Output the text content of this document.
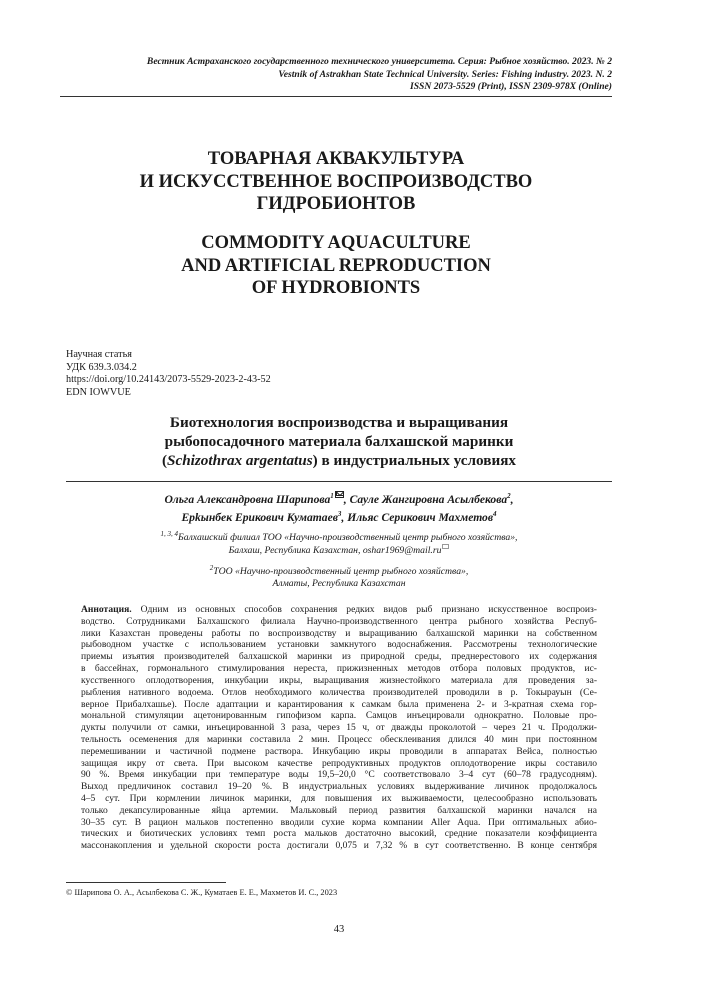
Вестник Астраханского государственного технического университета. Серия: Рыбное хозяйство. 2023. № 2
Vestnik of Astrakhan State Technical University. Series: Fishing industry. 2023. N. 2
ISSN 2073-5529 (Print), ISSN 2309-978X (Online)
ТОВАРНАЯ АКВАКУЛЬТУРА
И ИСКУССТВЕННОЕ ВОСПРОИЗВОДСТВО
ГИДРОБИОНТОВ
COMMODITY AQUACULTURE
AND ARTIFICIAL REPRODUCTION
OF HYDROBIONTS
Научная статья
УДК 639.3.034.2
https://doi.org/10.24143/2073-5529-2023-2-43-52
EDN IOWVUE
Биотехнология воспроизводства и выращивания
рыбопосадочного материала балхашской маринки
(Schizothrax argentatus) в индустриальных условиях
Ольга Александровна Шарипова$^1$ , Сауле Жангировна Асылбекова$^2$,
Ерkынбек Ерикович Куматаев$^3$, Ильяс Серикович Махметов$^4$
$^{1, 3, 4}$Балхашский филиал ТОО «Научно-производственный центр рыбного хозяйства»,
Балхаш, Республика Казахстан, oshar1969@mail.ru
$^2$ТОО «Научно-производственный центр рыбного хозяйства»,
Алматы, Республика Казахстан
Аннотация. Одним из основных способов сохранения редких видов рыб признано искусственное воспроиз-
водство. Сотрудниками Балхашского филиала Научно-производственного центра рыбного хозяйства Респуб-
лики Казахстан проведены работы по воспроизводству и выращиванию балхашской маринки на собственном
рыбоводном участке с использованием установки замкнутого водоснабжения. Рассмотрены технологические
приемы изъятия производителей балхашской маринки из природной среды, преднерестового их содержания
в бассейнах, гормонального стимулирования нереста, прижизненных методов отбора половых продуктов, ис-
кусственного оплодотворения, инкубации икры, выращивания жизнестойкого материала для проведения за-
рыбления нативного водоема. Отлов необходимого количества производителей проводили в р. Токырауын (Се-
верное Прибалхашье). После адаптации и карантирования к самкам была применена 2- и 3-кратная схема гор-
мональной стимуляции ацетонированным гипофизом карпа. Самцов инъецировали однократно. Половые про-
дукты получили от самки, инъецированной 3 раза, через 15 ч, от дважды проколотой – через 21 ч. Продолжи-
тельность осеменения для маринки составила 2 мин. Процесс обесклеивания длился 40 мин при постоянном
перемешивании и частичной подмене раствора. Инкубацию икры проводили в аппаратах Вейса, полностью
защищая икру от света. При высоком качестве репродуктивных продуктов оплодотворение икры составило
90 %. Время инкубации при температуре воды 19,5–20,0 °С соответствовало 3–4 сут (60–78 градусодням).
Выход предличинок составил 19–20 %. В индустриальных условиях выдерживание личинок продолжалось
4–5 сут. При кормлении личинок маринки, для повышения их выживаемости, целесообразно использовать
только декапсулированные яйца артемии. Мальковый период развития балхашской маринки начался на
30–35 сут. В рацион мальков постепенно вводили сухие корма компании Aller Aqua. При оптимальных абио-
тических и биотических условиях темп роста мальков достаточно высокий, средние показатели коэффициента
массонакопления и удельной скорости роста достигали 0,075 и 7,32 % в сут соответственно. В конце сентября
© Шарипова О. А., Асылбекова С. Ж., Куматаев Е. Е., Махметов И. С., 2023
43
